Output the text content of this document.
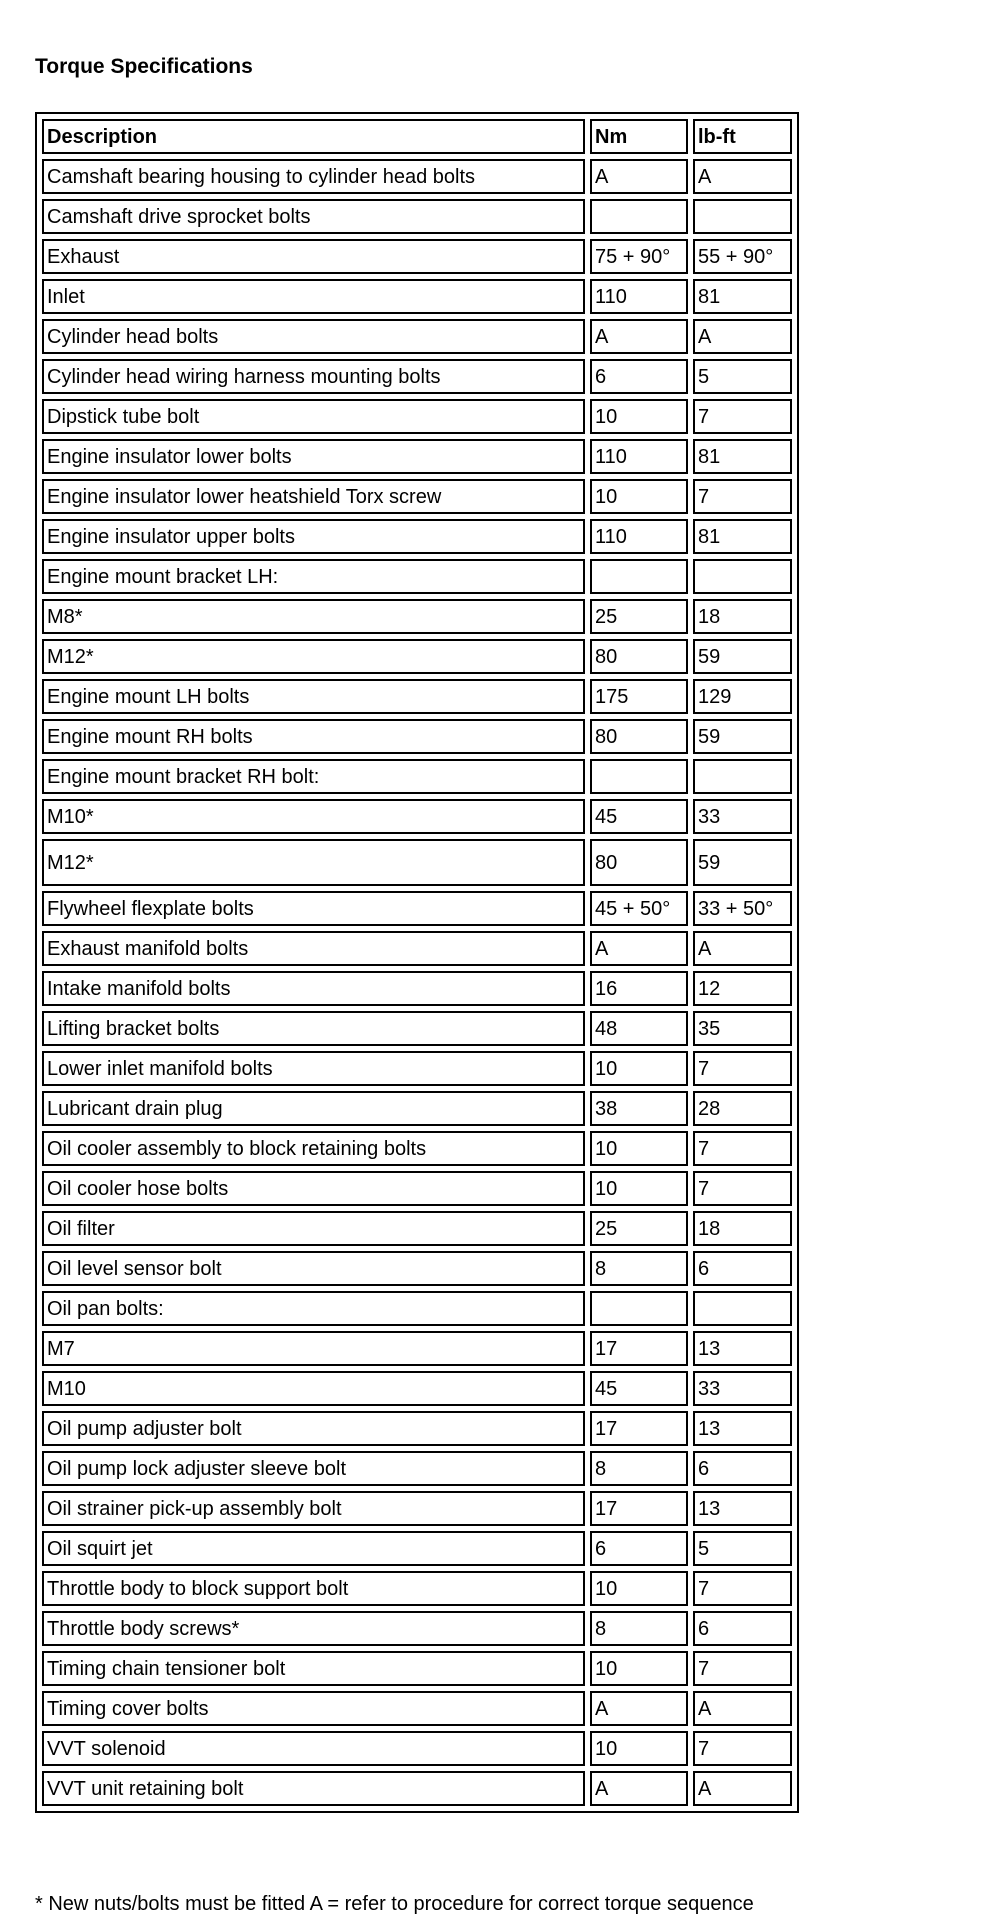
Torque Specifications

Description	Nm	lb-ft
Camshaft bearing housing to cylinder head bolts	A	A
Camshaft drive sprocket bolts		
Exhaust	75 + 90°	55 + 90°
Inlet	110	81
Cylinder head bolts	A	A
Cylinder head wiring harness mounting bolts	6	5
Dipstick tube bolt	10	7
Engine insulator lower bolts	110	81
Engine insulator lower heatshield Torx screw	10	7
Engine insulator upper bolts	110	81
Engine mount bracket LH:		
M8*	25	18
M12*	80	59
Engine mount LH bolts	175	129
Engine mount RH bolts	80	59
Engine mount bracket RH bolt:		
M10*	45	33
M12*	80	59
Flywheel flexplate bolts	45 + 50°	33 + 50°
Exhaust manifold bolts	A	A
Intake manifold bolts	16	12
Lifting bracket bolts	48	35
Lower inlet manifold bolts	10	7
Lubricant drain plug	38	28
Oil cooler assembly to block retaining bolts	10	7
Oil cooler hose bolts	10	7
Oil filter	25	18
Oil level sensor bolt	8	6
Oil pan bolts:		
M7	17	13
M10	45	33
Oil pump adjuster bolt	17	13
Oil pump lock adjuster sleeve bolt	8	6
Oil strainer pick-up assembly bolt	17	13
Oil squirt jet	6	5
Throttle body to block support bolt	10	7
Throttle body screws*	8	6
Timing chain tensioner bolt	10	7
Timing cover bolts	A	A
VVT solenoid	10	7
VVT unit retaining bolt	A	A

* New nuts/bolts must be fitted A = refer to procedure for correct torque sequence
